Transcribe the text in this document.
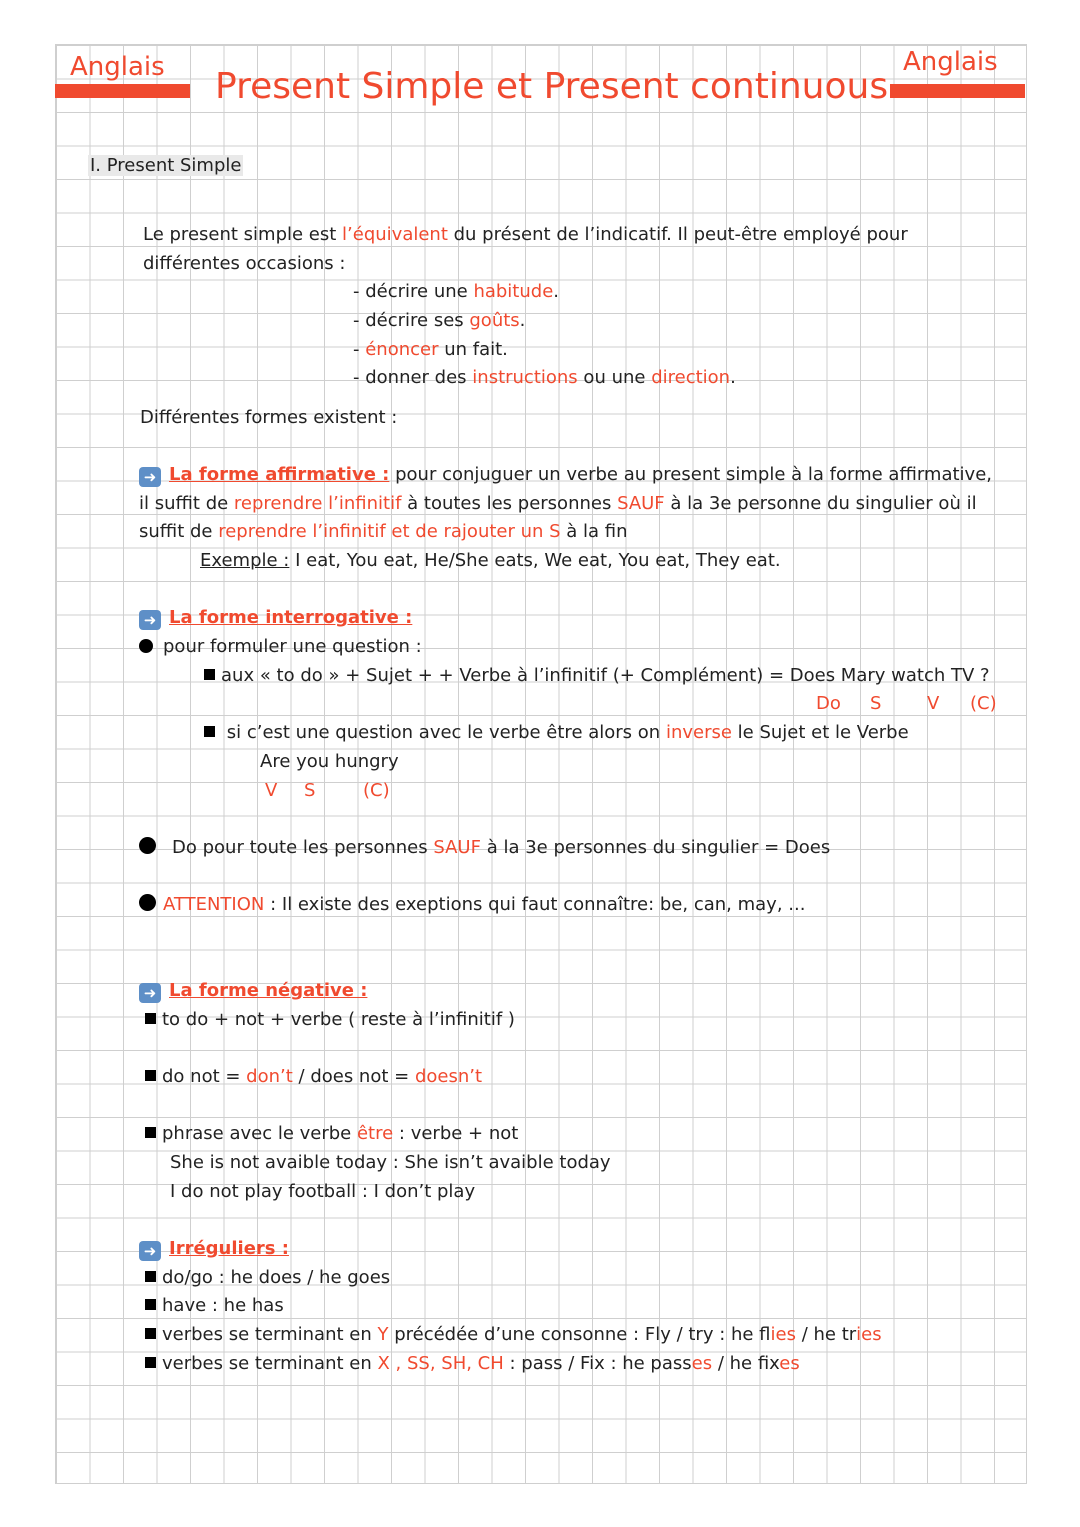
Anglais	Anglais
Present Simple et Present continuous
I. Present Simple
Le present simple est l’équivalent du présent de l’indicatif. Il peut-être employé pour
différentes occasions :
- décrire une habitude.
- décrire ses goûts.
- énoncer un fait.
- donner des instructions ou une direction.
Différentes formes existent :
➜ La forme affirmative : pour conjuguer un verbe au present simple à la forme affirmative,
il suffit de reprendre l’infinitif à toutes les personnes SAUF à la 3e personne du singulier où il
suffit de reprendre l’infinitif et de rajouter un S à la fin
Exemple : I eat, You eat, He/She eats, We eat, You eat, They eat.
➜ La forme interrogative :
pour formuler une question :
aux « to do » + Sujet + + Verbe à l’infinitif (+ Complément) = Does Mary watch TV ?
Do S	V (C)
si c’est une question avec le verbe être alors on inverse le Sujet et le Verbe
Are you hungry
V S	(C)
Do pour toute les personnes SAUF à la 3e personnes du singulier = Does
ATTENTION : Il existe des exeptions qui faut connaître: be, can, may, ...
➜ La forme négative :
to do + not + verbe ( reste à l’infinitif )
do not = don’t / does not = doesn’t
phrase avec le verbe être : verbe + not
She is not avaible today : She isn’t avaible today
I do not play football : I don’t play
➜ Irréguliers :
do/go : he does / he goes
have : he has
verbes se terminant en Y précédée d’une consonne : Fly / try : he flies / he tries
verbes se terminant en X , SS, SH, CH : pass / Fix : he passes / he fixes
